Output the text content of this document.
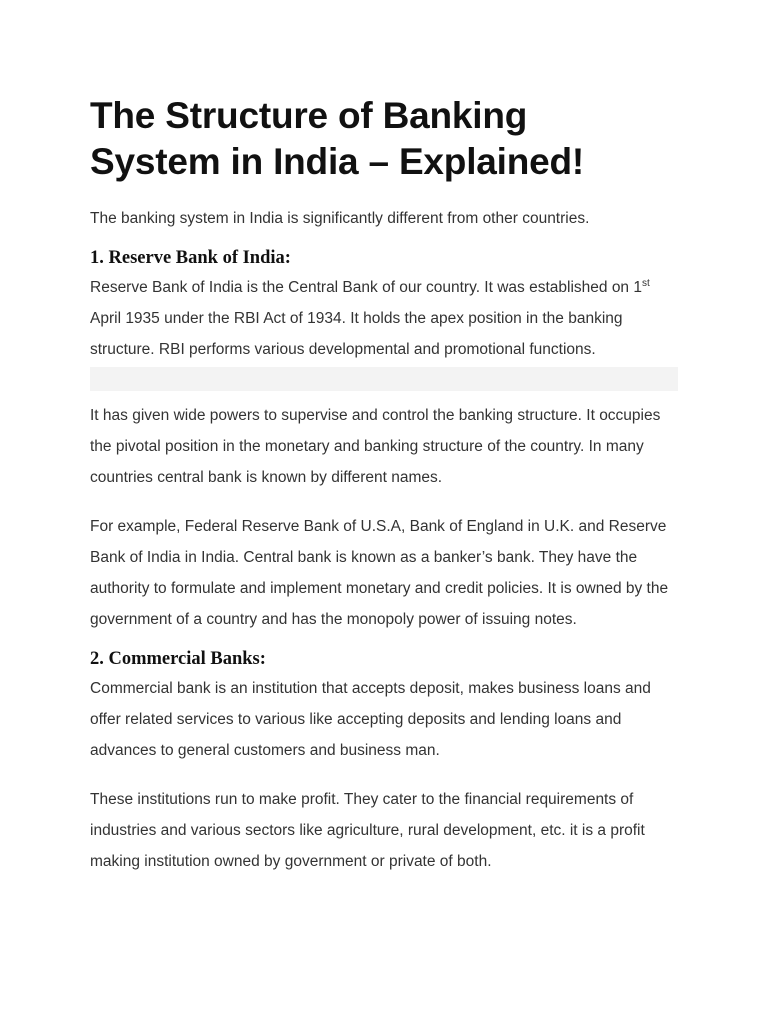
The Structure of Banking
System in India – Explained!

The banking system in India is significantly different from other countries.

1. Reserve Bank of India:

Reserve Bank of India is the Central Bank of our country. It was established on 1st April 1935 under the RBI Act of 1934. It holds the apex position in the banking structure. RBI performs various developmental and promotional functions.

It has given wide powers to supervise and control the banking structure. It occupies the pivotal position in the monetary and banking structure of the country. In many countries central bank is known by different names.

For example, Federal Reserve Bank of U.S.A, Bank of England in U.K. and Reserve Bank of India in India. Central bank is known as a banker’s bank. They have the authority to formulate and implement monetary and credit policies. It is owned by the government of a country and has the monopoly power of issuing notes.

2. Commercial Banks:

Commercial bank is an institution that accepts deposit, makes business loans and offer related services to various like accepting deposits and lending loans and advances to general customers and business man.

These institutions run to make profit. They cater to the financial requirements of industries and various sectors like agriculture, rural development, etc. it is a profit making institution owned by government or private of both.
